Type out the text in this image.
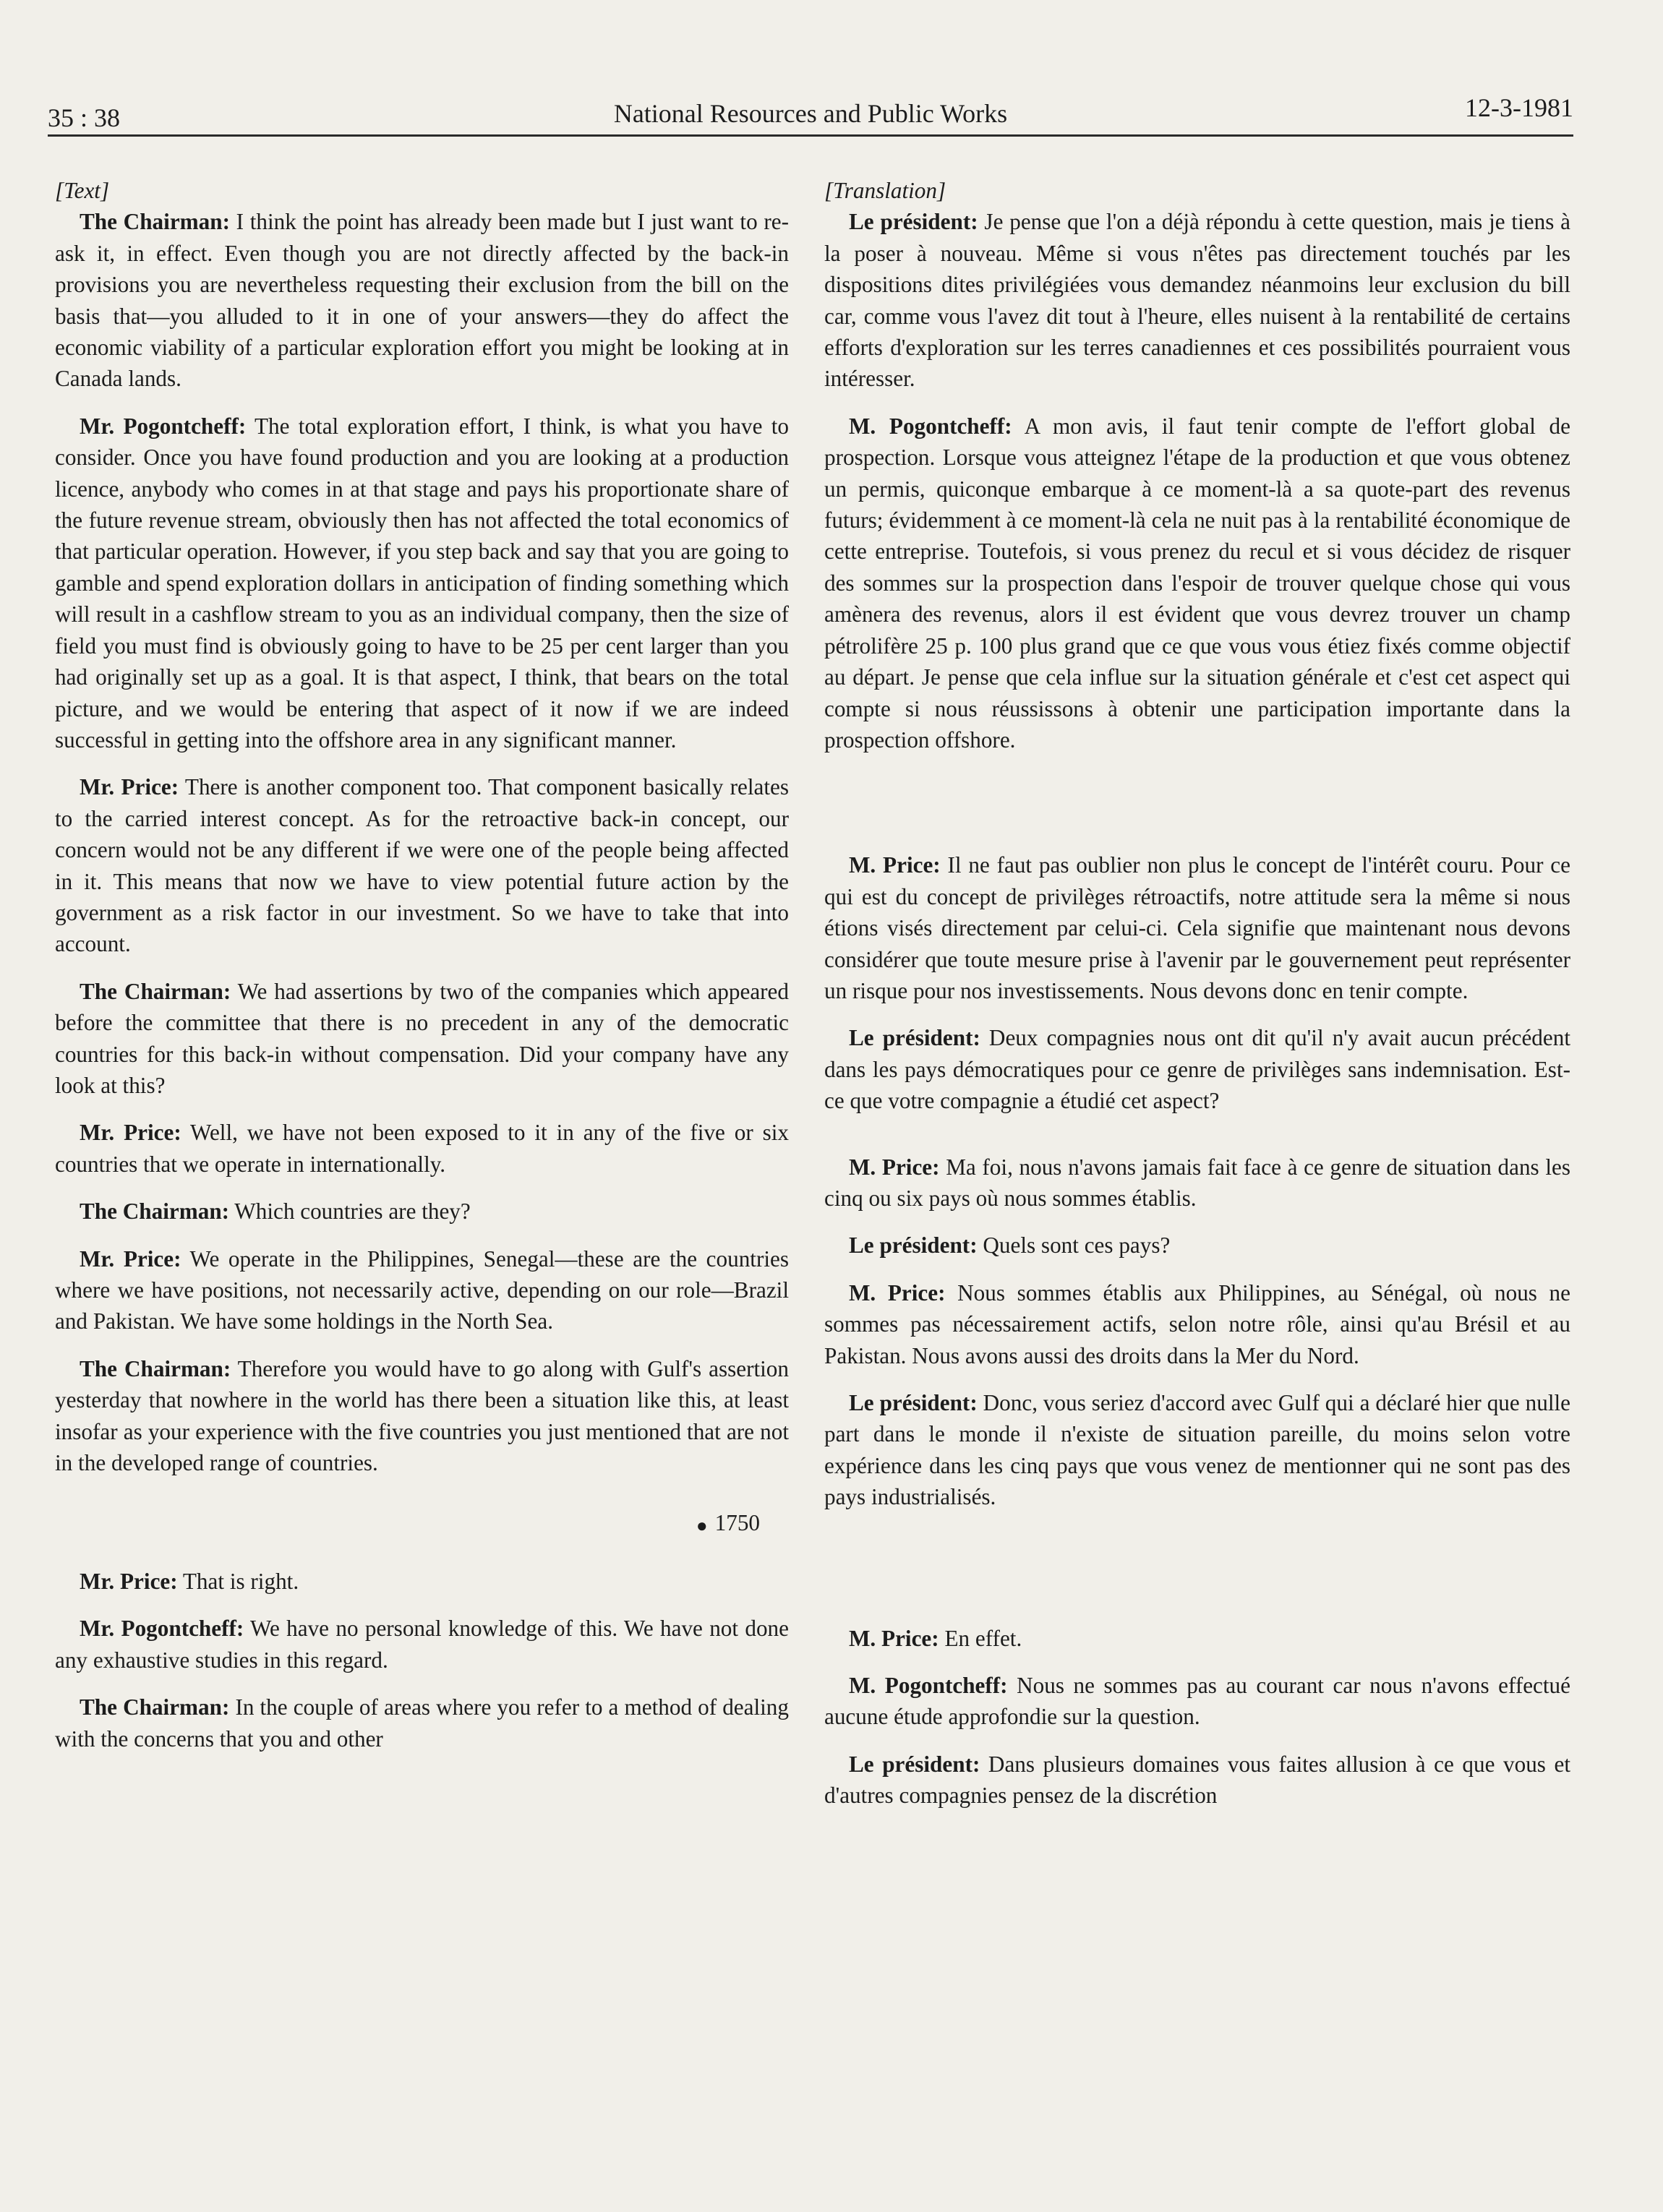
35 : 38	National Resources and Public Works	12-3-1981
[Text]

The Chairman: I think the point has already been made but I just want to re-ask it, in effect. Even though you are not directly affected by the back-in provisions you are nevertheless requesting their exclusion from the bill on the basis that—you alluded to it in one of your answers—they do affect the economic viability of a particular exploration effort you might be looking at in Canada lands.

Mr. Pogontcheff: The total exploration effort, I think, is what you have to consider. Once you have found production and you are looking at a production licence, anybody who comes in at that stage and pays his proportionate share of the future revenue stream, obviously then has not affected the total economics of that particular operation. However, if you step back and say that you are going to gamble and spend exploration dollars in anticipation of finding something which will result in a cashflow stream to you as an individual company, then the size of field you must find is obviously going to have to be 25 per cent larger than you had originally set up as a goal. It is that aspect, I think, that bears on the total picture, and we would be entering that aspect of it now if we are indeed successful in getting into the offshore area in any significant manner.

Mr. Price: There is another component too. That component basically relates to the carried interest concept. As for the retroactive back-in concept, our concern would not be any different if we were one of the people being affected in it. This means that now we have to view potential future action by the government as a risk factor in our investment. So we have to take that into account.

The Chairman: We had assertions by two of the companies which appeared before the committee that there is no precedent in any of the democratic countries for this back-in without compensation. Did your company have any look at this?

Mr. Price: Well, we have not been exposed to it in any of the five or six countries that we operate in internationally.

The Chairman: Which countries are they?

Mr. Price: We operate in the Philippines, Senegal—these are the countries where we have positions, not necessarily active, depending on our role—Brazil and Pakistan. We have some holdings in the North Sea.

The Chairman: Therefore you would have to go along with Gulf's assertion yesterday that nowhere in the world has there been a situation like this, at least insofar as your experience with the five countries you just mentioned that are not in the developed range of countries.

● 1750

Mr. Price: That is right.

Mr. Pogontcheff: We have no personal knowledge of this. We have not done any exhaustive studies in this regard.

The Chairman: In the couple of areas where you refer to a method of dealing with the concerns that you and other

[Translation]

Le président: Je pense que l'on a déjà répondu à cette question, mais je tiens à la poser à nouveau. Même si vous n'êtes pas directement touchés par les dispositions dites privilégiées vous demandez néanmoins leur exclusion du bill car, comme vous l'avez dit tout à l'heure, elles nuisent à la rentabilité de certains efforts d'exploration sur les terres canadiennes et ces possibilités pourraient vous intéresser.

M. Pogontcheff: A mon avis, il faut tenir compte de l'effort global de prospection. Lorsque vous atteignez l'étape de la production et que vous obtenez un permis, quiconque embarque à ce moment-là a sa quote-part des revenus futurs; évidemment à ce moment-là cela ne nuit pas à la rentabilité économique de cette entreprise. Toutefois, si vous prenez du recul et si vous décidez de risquer des sommes sur la prospection dans l'espoir de trouver quelque chose qui vous amènera des revenus, alors il est évident que vous devrez trouver un champ pétrolifère 25 p. 100 plus grand que ce que vous vous étiez fixés comme objectif au départ. Je pense que cela influe sur la situation générale et c'est cet aspect qui compte si nous réussissons à obtenir une participation importante dans la prospection offshore.

M. Price: Il ne faut pas oublier non plus le concept de l'intérêt couru. Pour ce qui est du concept de privilèges rétroactifs, notre attitude sera la même si nous étions visés directement par celui-ci. Cela signifie que maintenant nous devons considérer que toute mesure prise à l'avenir par le gouvernement peut représenter un risque pour nos investissements. Nous devons donc en tenir compte.

Le président: Deux compagnies nous ont dit qu'il n'y avait aucun précédent dans les pays démocratiques pour ce genre de privilèges sans indemnisation. Est-ce que votre compagnie a étudié cet aspect?

M. Price: Ma foi, nous n'avons jamais fait face à ce genre de situation dans les cinq ou six pays où nous sommes établis.

Le président: Quels sont ces pays?

M. Price: Nous sommes établis aux Philippines, au Sénégal, où nous ne sommes pas nécessairement actifs, selon notre rôle, ainsi qu'au Brésil et au Pakistan. Nous avons aussi des droits dans la Mer du Nord.

Le président: Donc, vous seriez d'accord avec Gulf qui a déclaré hier que nulle part dans le monde il n'existe de situation pareille, du moins selon votre expérience dans les cinq pays que vous venez de mentionner qui ne sont pas des pays industrialisés.

M. Price: En effet.

M. Pogontcheff: Nous ne sommes pas au courant car nous n'avons effectué aucune étude approfondie sur la question.

Le président: Dans plusieurs domaines vous faites allusion à ce que vous et d'autres compagnies pensez de la discrétion
